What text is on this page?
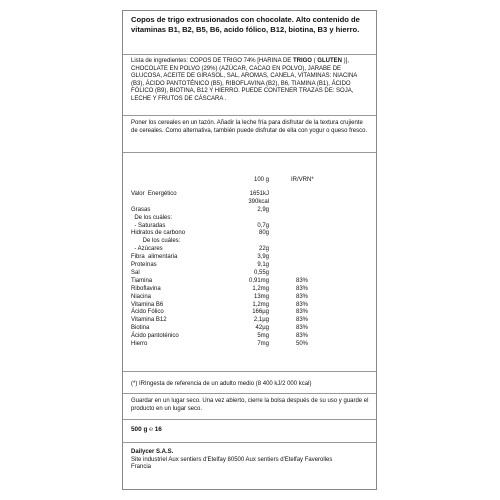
Copos de trigo extrusionados con chocolate. Alto contenido de vitaminas B1, B2, B5, B6, acido fólico, B12, biotina, B3 y hierro.
Lista de ingredientes: COPOS DE TRIGO 74% [HARINA DE TRIGO ( GLUTEN )], CHOCOLATE EN POLVO (29%) (AZÚCAR, CACAO EN POLVO), JARABE DE GLUCOSA, ACEITE DE GIRASOL, SAL, AROMAS, CANELA, VITAMINAS: NIACINA (B3), ÁCIDO PANTOTÉNICO (B5), RIBOFLAVINA (B2), B6, TIAMINA (B1), ÁCIDO FÓLICO (B9), BIOTINA, B12 Y HIERRO. PUEDE CONTENER TRAZAS DE: SOJA, LECHE Y FRUTOS DE CÁSCARA .
Poner los cereales en un tazón. Añadir la leche fría para disfrutar de la textura crujiente de cereales. Como alternativa, también puede disfrutar de ella con yogur o queso fresco.
100 g	IR/VRN*
Valor  Energético	1651kJ
390kcal
Grasas	2,9g
De los cuáles:
- Saturadas	0,7g
Hidratos de carbono	80g
De los cuáles:
- Azúcares	22g
Fibra  alimentaria	3,9g
Proteínas	9,1g
Sal	0,55g
Tiamina	0,91mg	83%
Riboflavina	1,2mg	83%
Niacina	13mg	83%
Vitamina B6	1,2mg	83%
Ácido Fólico	166µg	83%
Vitamina B12	2,1µg	83%
Biotina	42µg	83%
Ácido pantoténico	5mg	83%
Hierro	7mg	50%
(*) IRIngesta de referencia de un adulto medio (8 400 kJ/2 000 kcal)
Guardar en un lugar seco. Una vez abierto, cierre la bolsa después de su uso y guarde el producto en un lugar seco.
500 g ℮ 16
Dailycer S.A.S.
Site industriel Aux sentiers d'Etelfay 80500 Aux sentiers d'Etelfay Faverolles
Francia
